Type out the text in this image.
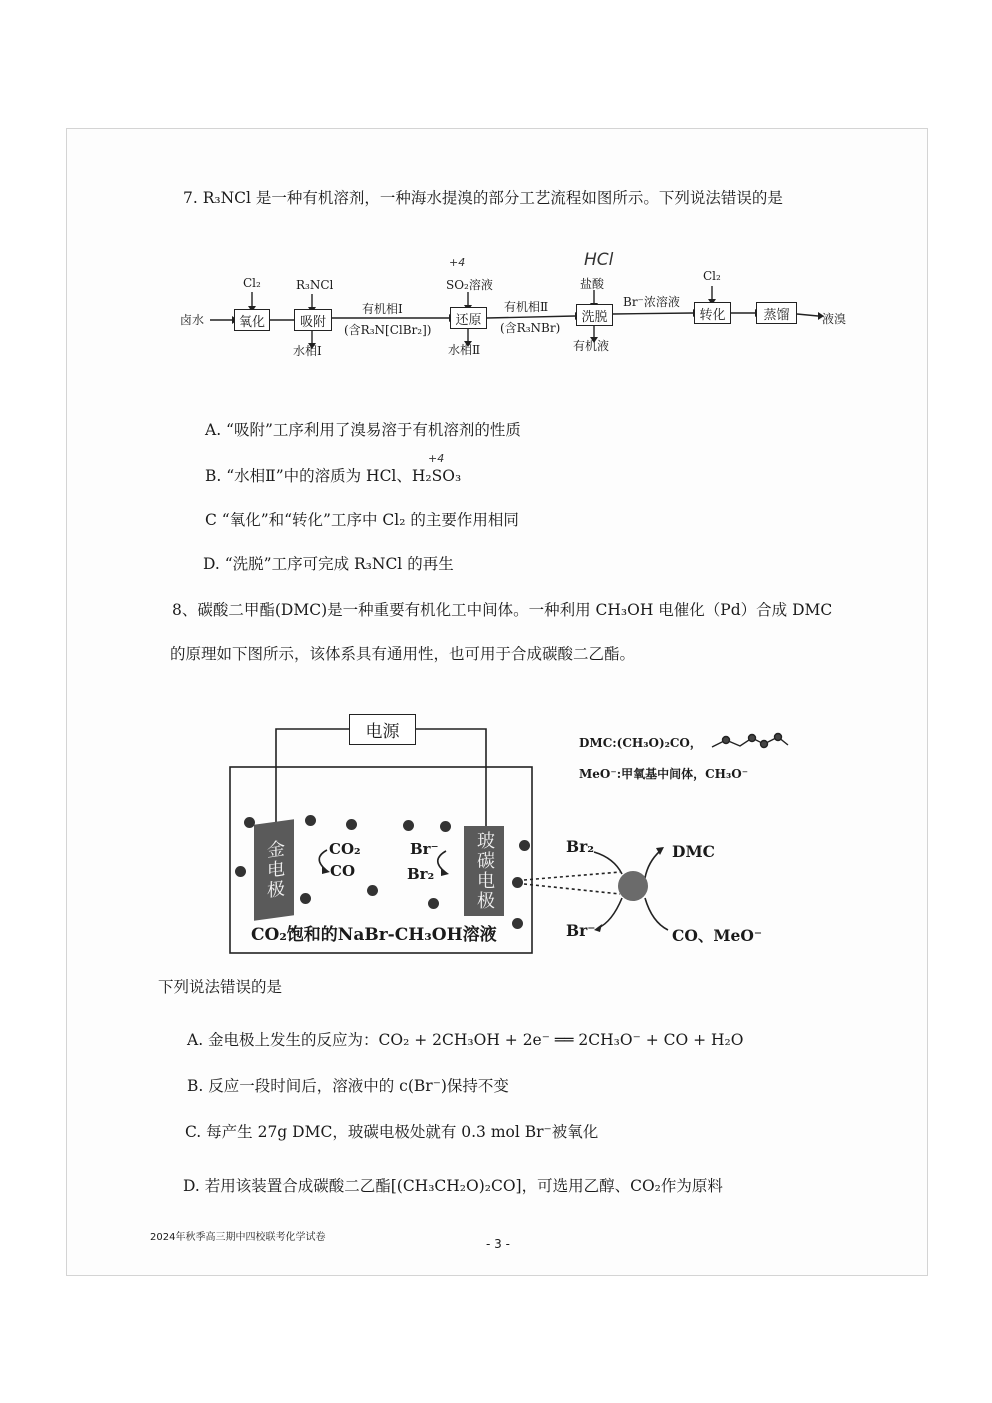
7. R₃NCl 是一种有机溶剂，一种海水提溴的部分工艺流程如图所示。下列说法错误的是
卤水	氧化	吸附	还原	洗脱	转化	蒸馏
Cl₂	R₃NCl
有机相Ⅰ
(含R₃N[ClBr₂])
SO₂溶液
有机相Ⅱ
(含R₃NBr)
盐酸
Br⁻浓溶液
Cl₂
液溴
水相Ⅰ	水相Ⅱ	有机液
+4	HCl
A. “吸附”工序利用了溴易溶于有机溶剂的性质
+4
B. “水相Ⅱ”中的溶质为 HCl、H₂SO₃
C “氧化”和“转化”工序中 Cl₂ 的主要作用相同
D. “洗脱”工序可完成 R₃NCl 的再生
8、碳酸二甲酯(DMC)是一种重要有机化工中间体。一种利用 CH₃OH 电催化（Pd）合成 DMC
的原理如下图所示，该体系具有通用性，也可用于合成碳酸二乙酯。
电源
金电极	玻碳电极
CO₂
CO
Br⁻
Br₂
CO₂饱和的NaBr-CH₃OH溶液
DMC:(CH₃O)₂CO，
MeO⁻:甲氧基中间体，CH₃O⁻
Br₂	DMC
Br⁻	CO、MeO⁻
下列说法错误的是
A. 金电极上发生的反应为：CO₂ + 2CH₃OH + 2e⁻ ══ 2CH₃O⁻ + CO + H₂O
B. 反应一段时间后，溶液中的 c(Br⁻)保持不变
C. 每产生 27g DMC，玻碳电极处就有 0.3 mol Br⁻被氧化
D. 若用该装置合成碳酸二乙酯[(CH₃CH₂O)₂CO]，可选用乙醇、CO₂作为原料
2024年秋季高三期中四校联考化学试卷	- 3 -
